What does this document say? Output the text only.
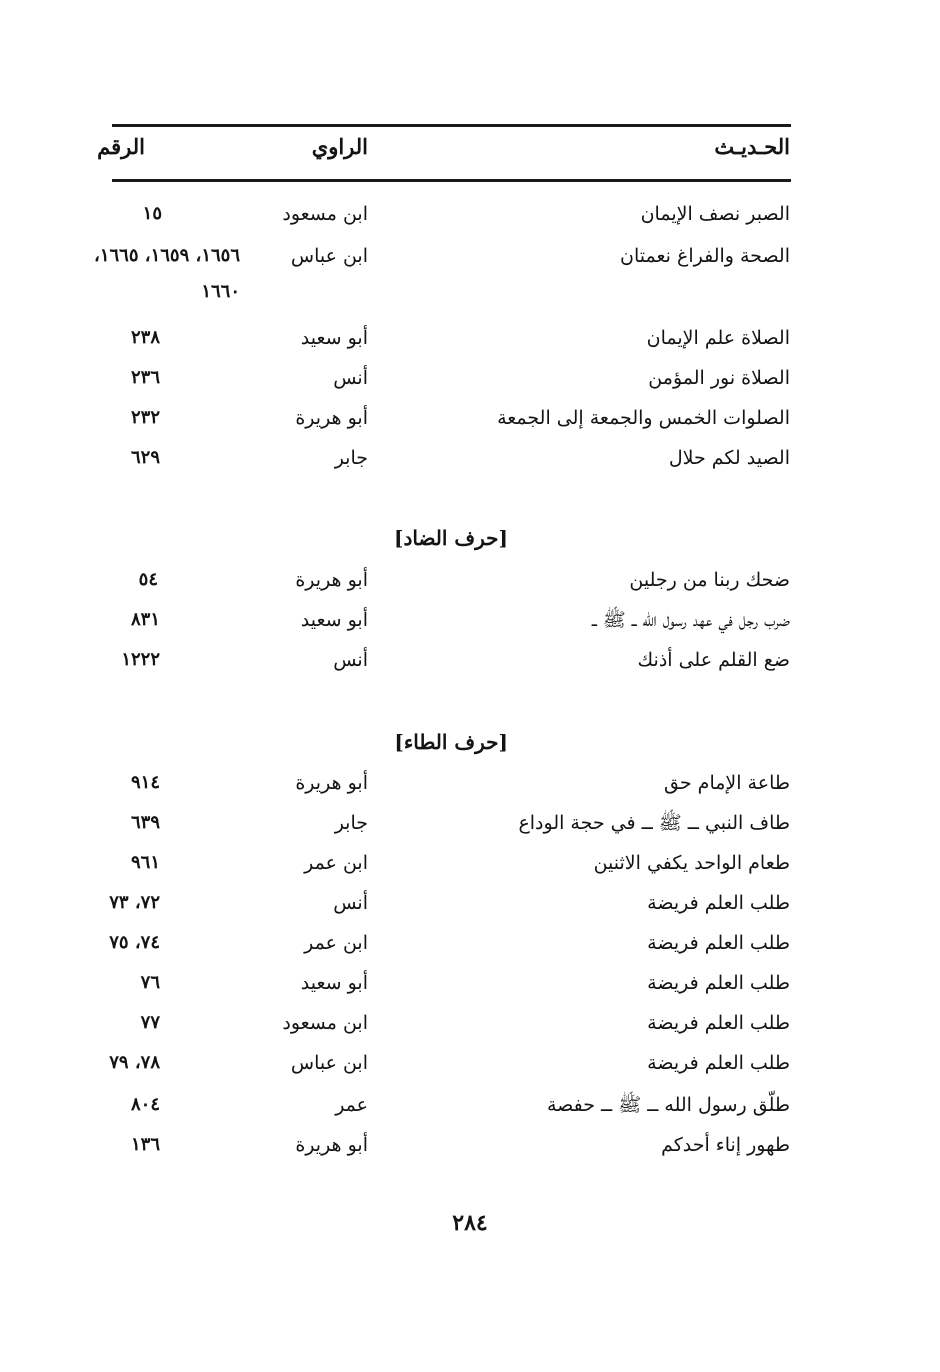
الحـديـث
الراوي
الرقم
الصبر نصف الإيمان
ابن مسعود
١٥
الصحة والفراغ نعمتان
ابن عباس
١٦٥٦، ١٦٥٩، ١٦٦٥،
١٦٦٠
الصلاة علم الإيمان
أبو سعيد
٢٣٨
الصلاة نور المؤمن
أنس
٢٣٦
الصلوات الخمس والجمعة إلى الجمعة
أبو هريرة
٢٣٢
الصيد لكم حلال
جابر
٦٢٩
[حرف الضاد]
ضحك ربنا من رجلين
أبو هريرة
٥٤
ضرب رجل في عهد رسول الله ــ ﷺ ــ
أبو سعيد
٨٣١
ضع القلم على أذنك
أنس
١٢٢٢
[حرف الطاء]
طاعة الإمام حق
أبو هريرة
٩١٤
طاف النبي ــ ﷺ ــ في حجة الوداع
جابر
٦٣٩
طعام الواحد يكفي الاثنين
ابن عمر
٩٦١
طلب العلم فريضة
أنس
٧٢، ٧٣
طلب العلم فريضة
ابن عمر
٧٤، ٧٥
طلب العلم فريضة
أبو سعيد
٧٦
طلب العلم فريضة
ابن مسعود
٧٧
طلب العلم فريضة
ابن عباس
٧٨، ٧٩
طلّق رسول الله ــ ﷺ ــ حفصة
عمر
٨٠٤
طهور إناء أحدكم
أبو هريرة
١٣٦
٢٨٤
